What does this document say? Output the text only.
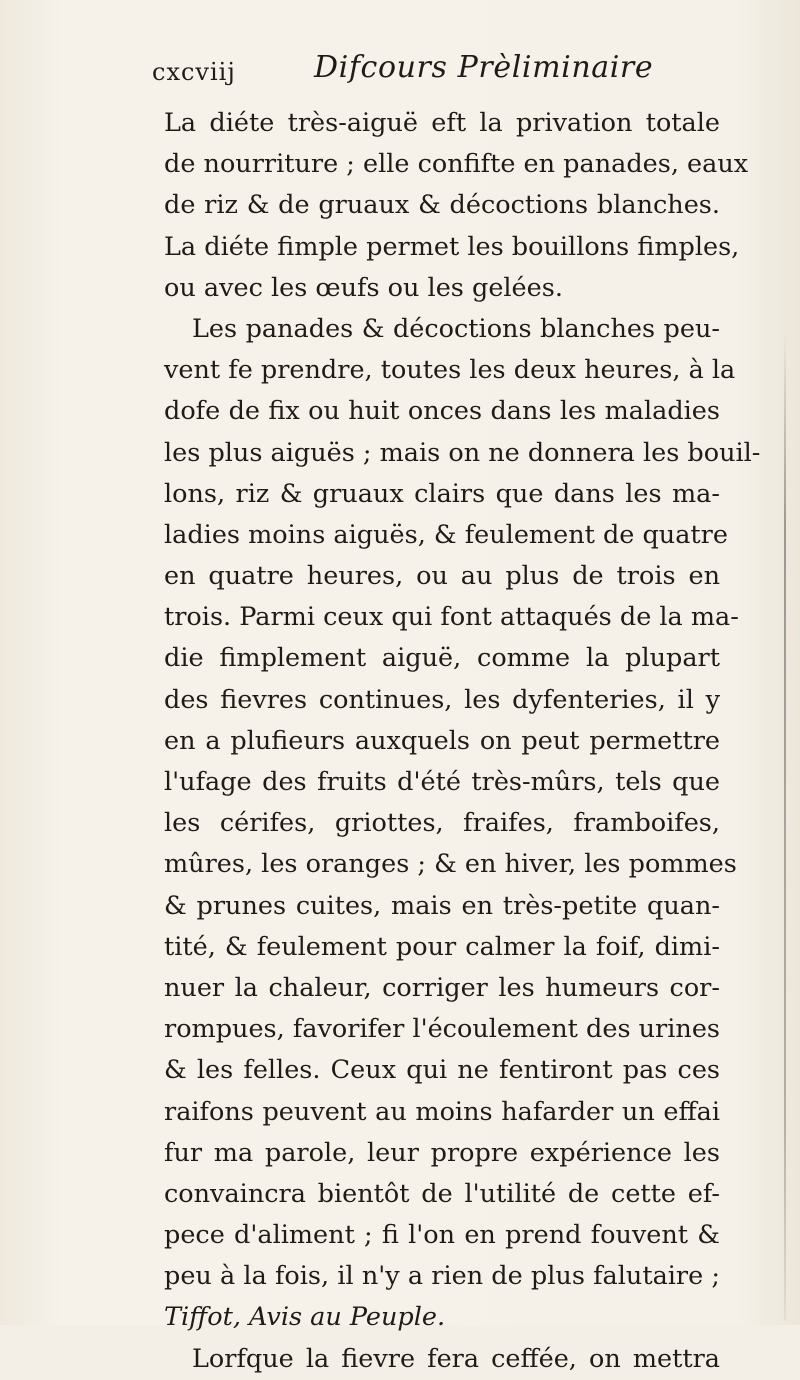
cxcviij	Difcours Prèliminaire
La diéte très-aiguë eft la privation totale
de nourriture ; elle confifte en panades, eaux
de riz & de gruaux & décoctions blanches.
La diéte fimple permet les bouillons fimples,
ou avec les œufs ou les gelées.
Les panades & décoctions blanches peu-
vent fe prendre, toutes les deux heures, à la
dofe de fix ou huit onces dans les maladies
les plus aiguës ; mais on ne donnera les bouil-
lons, riz & gruaux clairs que dans les ma-
ladies moins aiguës, & feulement de quatre
en quatre heures, ou au plus de trois en
trois. Parmi ceux qui font attaqués de la ma-
die fimplement aiguë, comme la plupart
des fievres continues, les dyfenteries, il y
en a plufieurs auxquels on peut permettre
l'ufage des fruits d'été très-mûrs, tels que
les cérifes, griottes, fraifes, framboifes,
mûres, les oranges ; & en hiver, les pommes
& prunes cuites, mais en très-petite quan-
tité, & feulement pour calmer la foif, dimi-
nuer la chaleur, corriger les humeurs cor-
rompues, favorifer l'écoulement des urines
& les felles. Ceux qui ne fentiront pas ces
raifons peuvent au moins hafarder un effai
fur ma parole, leur propre expérience les
convaincra bientôt de l'utilité de cette ef-
pece d'aliment ; fi l'on en prend fouvent &
peu à la fois, il n'y a rien de plus falutaire ;
Tiffot, Avis au Peuple.
Lorfque la fievre fera ceffée, on mettra
